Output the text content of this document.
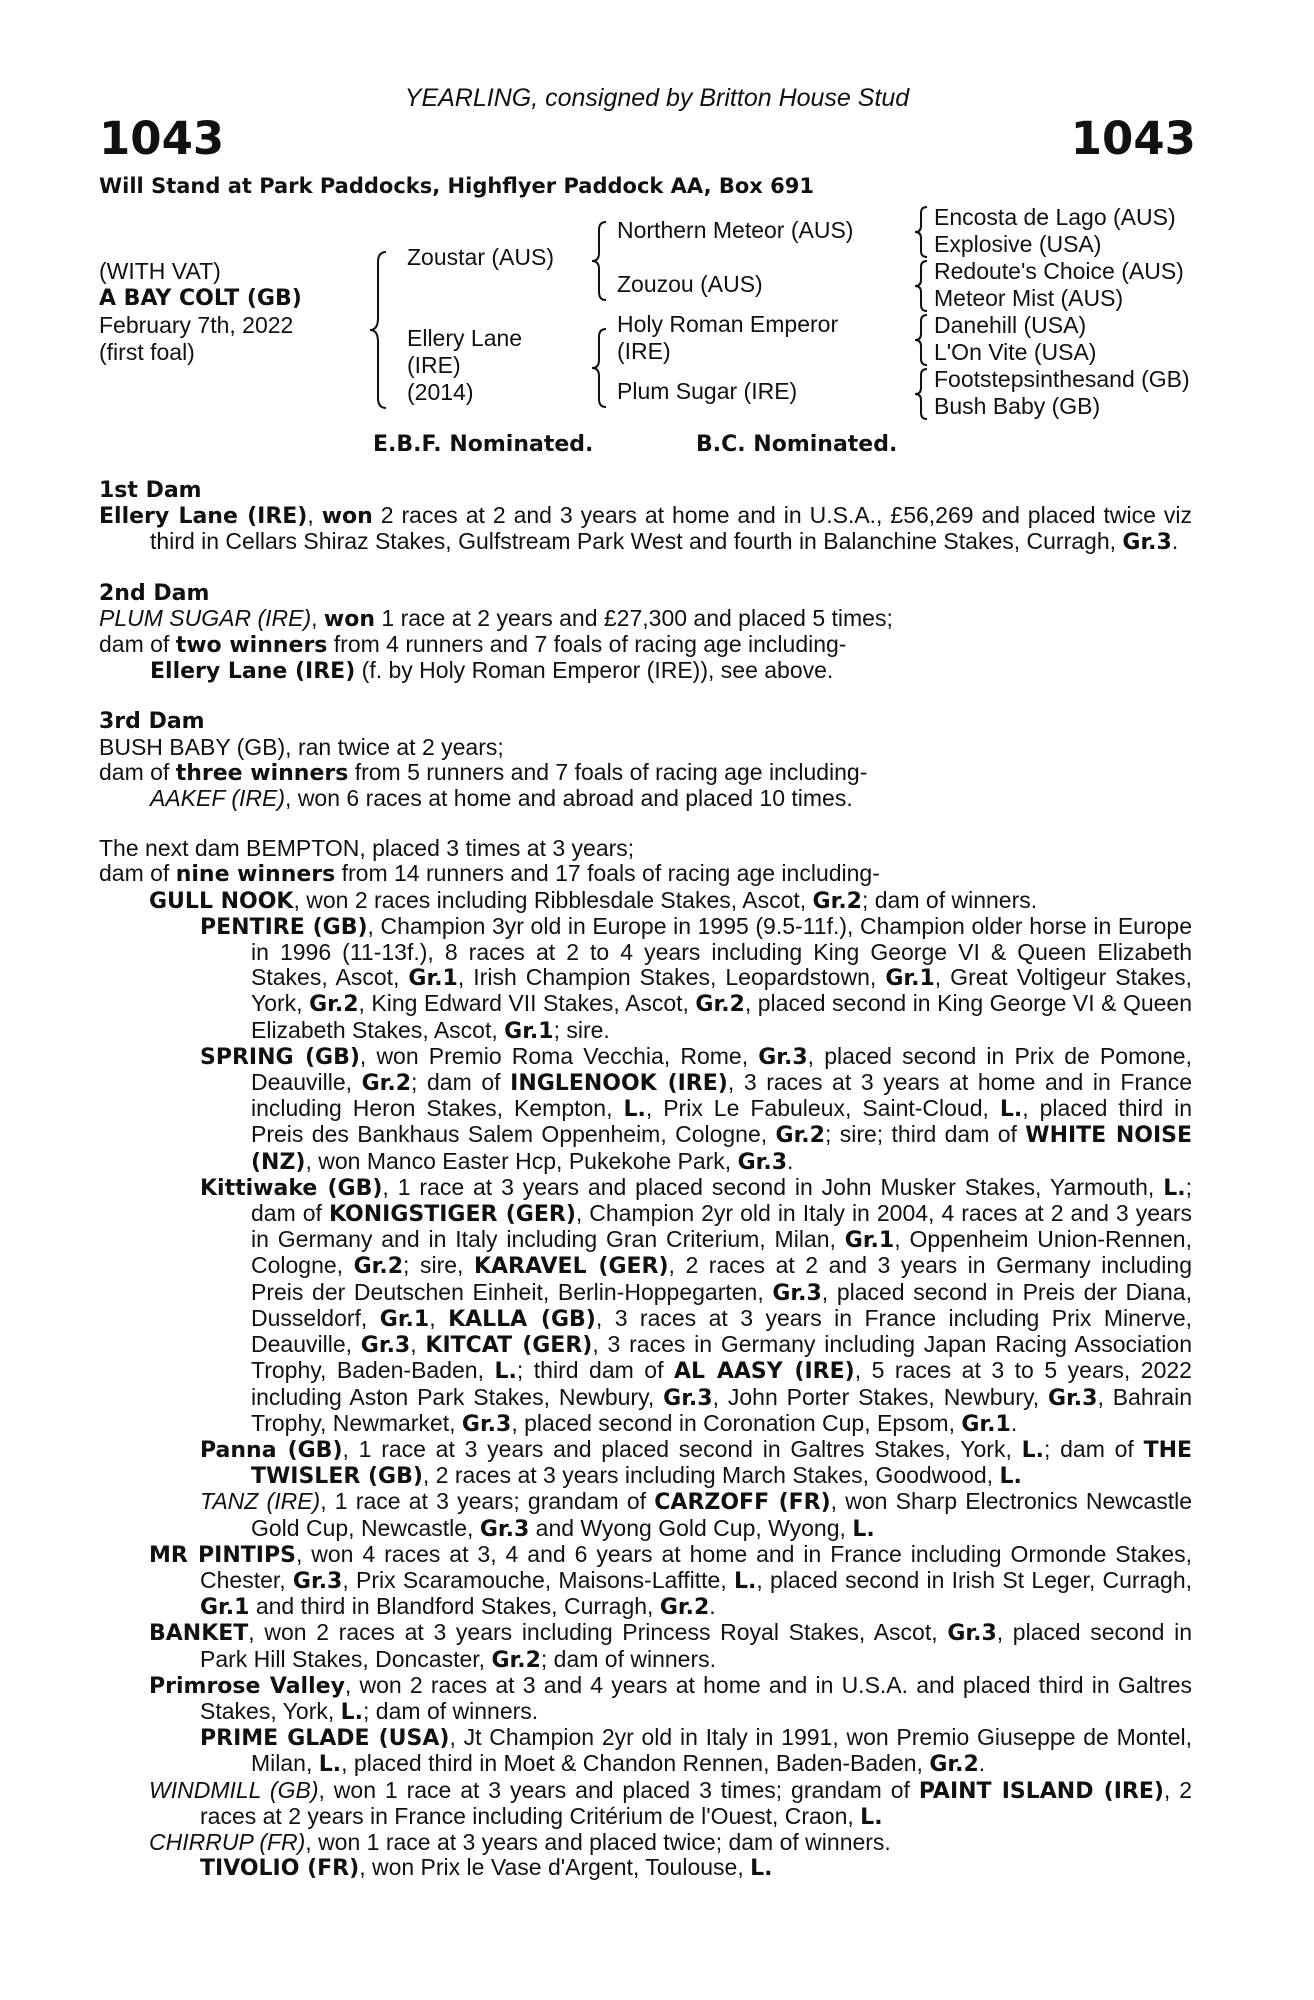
YEARLING, consigned by Britton House Stud
1043	1043
Will Stand at Park Paddocks, Highflyer Paddock AA, Box 691
(WITH VAT)
A BAY COLT (GB)
February 7th, 2022
(first foal)
Zoustar (AUS)
Ellery Lane
(IRE)
(2014)
Northern Meteor (AUS)
Zouzou (AUS)
Holy Roman Emperor
(IRE)
Plum Sugar (IRE)
Encosta de Lago (AUS)
Explosive (USA)
Redoute's Choice (AUS)
Meteor Mist (AUS)
Danehill (USA)
L'On Vite (USA)
Footstepsinthesand (GB)
Bush Baby (GB)
E.B.F. Nominated.	B.C. Nominated.

1st Dam

Ellery Lane (IRE), won 2 races at 2 and 3 years at home and in U.S.A., £56,269 and placed twice viz third in Cellars Shiraz Stakes, Gulfstream Park West and fourth in Balanchine Stakes, Curragh, Gr.3.

2nd Dam

PLUM SUGAR (IRE), won 1 race at 2 years and £27,300 and placed 5 times;

dam of two winners from 4 runners and 7 foals of racing age including-

Ellery Lane (IRE) (f. by Holy Roman Emperor (IRE)), see above.

3rd Dam

BUSH BABY (GB), ran twice at 2 years;

dam of three winners from 5 runners and 7 foals of racing age including-

AAKEF (IRE), won 6 races at home and abroad and placed 10 times.

The next dam BEMPTON, placed 3 times at 3 years;

dam of nine winners from 14 runners and 17 foals of racing age including-

GULL NOOK, won 2 races including Ribblesdale Stakes, Ascot, Gr.2; dam of winners.

PENTIRE (GB), Champion 3yr old in Europe in 1995 (9.5-11f.), Champion older horse in Europe in 1996 (11-13f.), 8 races at 2 to 4 years including King George VI & Queen Elizabeth Stakes, Ascot, Gr.1, Irish Champion Stakes, Leopardstown, Gr.1, Great Voltigeur Stakes, York, Gr.2, King Edward VII Stakes, Ascot, Gr.2, placed second in King George VI & Queen Elizabeth Stakes, Ascot, Gr.1; sire.

SPRING (GB), won Premio Roma Vecchia, Rome, Gr.3, placed second in Prix de Pomone, Deauville, Gr.2; dam of INGLENOOK (IRE), 3 races at 3 years at home and in France including Heron Stakes, Kempton, L., Prix Le Fabuleux, Saint-Cloud, L., placed third in Preis des Bankhaus Salem Oppenheim, Cologne, Gr.2; sire; third dam of WHITE NOISE (NZ), won Manco Easter Hcp, Pukekohe Park, Gr.3.

Kittiwake (GB), 1 race at 3 years and placed second in John Musker Stakes, Yarmouth, L.; dam of KONIGSTIGER (GER), Champion 2yr old in Italy in 2004, 4 races at 2 and 3 years in Germany and in Italy including Gran Criterium, Milan, Gr.1, Oppenheim Union-Rennen, Cologne, Gr.2; sire, KARAVEL (GER), 2 races at 2 and 3 years in Germany including Preis der Deutschen Einheit, Berlin-Hoppegarten, Gr.3, placed second in Preis der Diana, Dusseldorf, Gr.1, KALLA (GB), 3 races at 3 years in France including Prix Minerve, Deauville, Gr.3, KITCAT (GER), 3 races in Germany including Japan Racing Association Trophy, Baden-Baden, L.; third dam of AL AASY (IRE), 5 races at 3 to 5 years, 2022 including Aston Park Stakes, Newbury, Gr.3, John Porter Stakes, Newbury, Gr.3, Bahrain Trophy, Newmarket, Gr.3, placed second in Coronation Cup, Epsom, Gr.1.

Panna (GB), 1 race at 3 years and placed second in Galtres Stakes, York, L.; dam of THE TWISLER (GB), 2 races at 3 years including March Stakes, Goodwood, L.

TANZ (IRE), 1 race at 3 years; grandam of CARZOFF (FR), won Sharp Electronics Newcastle Gold Cup, Newcastle, Gr.3 and Wyong Gold Cup, Wyong, L.

MR PINTIPS, won 4 races at 3, 4 and 6 years at home and in France including Ormonde Stakes, Chester, Gr.3, Prix Scaramouche, Maisons-Laffitte, L., placed second in Irish St Leger, Curragh, Gr.1 and third in Blandford Stakes, Curragh, Gr.2.

BANKET, won 2 races at 3 years including Princess Royal Stakes, Ascot, Gr.3, placed second in Park Hill Stakes, Doncaster, Gr.2; dam of winners.

Primrose Valley, won 2 races at 3 and 4 years at home and in U.S.A. and placed third in Galtres Stakes, York, L.; dam of winners.

PRIME GLADE (USA), Jt Champion 2yr old in Italy in 1991, won Premio Giuseppe de Montel, Milan, L., placed third in Moet & Chandon Rennen, Baden-Baden, Gr.2.

WINDMILL (GB), won 1 race at 3 years and placed 3 times; grandam of PAINT ISLAND (IRE), 2 races at 2 years in France including Critérium de l'Ouest, Craon, L.

CHIRRUP (FR), won 1 race at 3 years and placed twice; dam of winners.

TIVOLIO (FR), won Prix le Vase d'Argent, Toulouse, L.
